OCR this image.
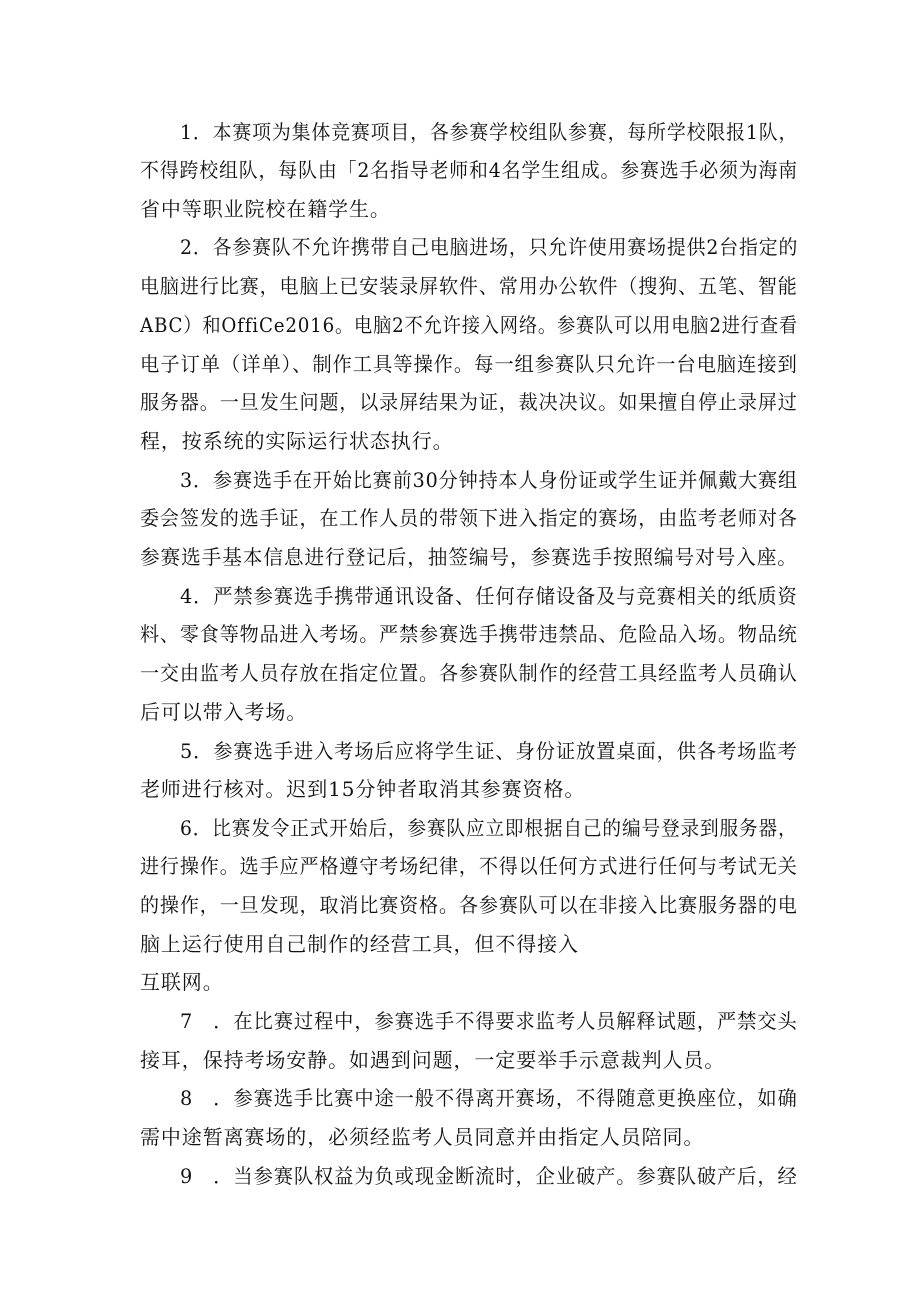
1．本赛项为集体竞赛项目，各参赛学校组队参赛，每所学校限报1队，
不得跨校组队，每队由「2名指导老师和4名学生组成。参赛选手必须为海南
省中等职业院校在籍学生。
2．各参赛队不允许携带自己电脑进场，只允许使用赛场提供2台指定的
电脑进行比赛，电脑上已安装录屏软件、常用办公软件（搜狗、五笔、智能
ABC）和OffiCe2016。电脑2不允许接入网络。参赛队可以用电脑2进行查看
电子订单（详单）、制作工具等操作。每一组参赛队只允许一台电脑连接到
服务器。一旦发生问题，以录屏结果为证，裁决决议。如果擅自停止录屏过
程，按系统的实际运行状态执行。
3．参赛选手在开始比赛前30分钟持本人身份证或学生证并佩戴大赛组
委会签发的选手证，在工作人员的带领下进入指定的赛场，由监考老师对各
参赛选手基本信息进行登记后，抽签编号，参赛选手按照编号对号入座。
4．严禁参赛选手携带通讯设备、任何存储设备及与竞赛相关的纸质资
料、零食等物品进入考场。严禁参赛选手携带违禁品、危险品入场。物品统
一交由监考人员存放在指定位置。各参赛队制作的经营工具经监考人员确认
后可以带入考场。
5．参赛选手进入考场后应将学生证、身份证放置桌面，供各考场监考
老师进行核对。迟到15分钟者取消其参赛资格。
6．比赛发令正式开始后，参赛队应立即根据自己的编号登录到服务器，
进行操作。选手应严格遵守考场纪律，不得以任何方式进行任何与考试无关
的操作，一旦发现，取消比赛资格。各参赛队可以在非接入比赛服务器的电
脑上运行使用自己制作的经营工具，但不得接入
互联网。
7　．在比赛过程中，参赛选手不得要求监考人员解释试题，严禁交头
接耳，保持考场安静。如遇到问题，一定要举手示意裁判人员。
8　．参赛选手比赛中途一般不得离开赛场，不得随意更换座位，如确
需中途暂离赛场的，必须经监考人员同意并由指定人员陪同。
9　．当参赛队权益为负或现金断流时，企业破产。参赛队破产后，经
